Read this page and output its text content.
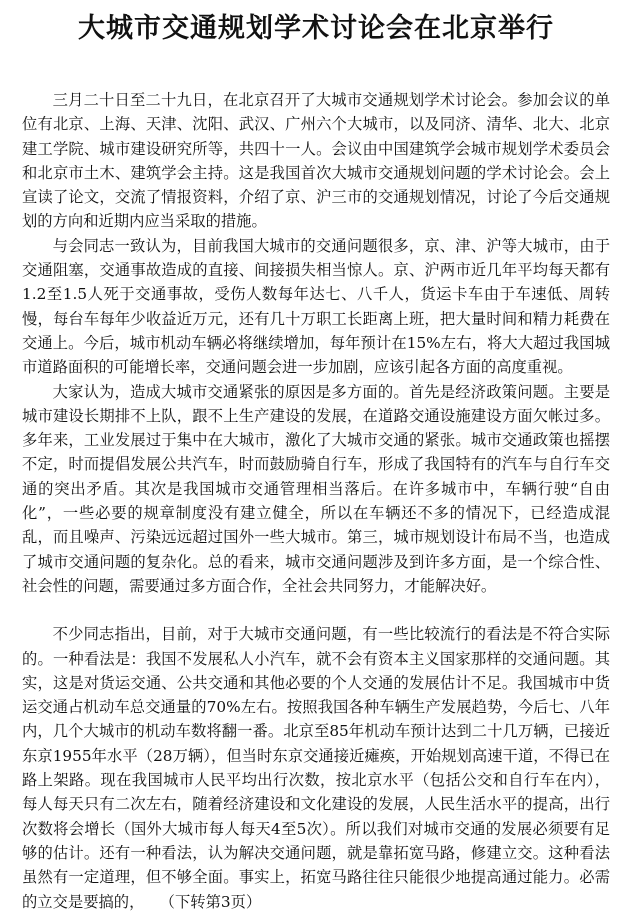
大城市交通规划学术讨论会在北京举行

三月二十日至二十九日，在北京召开了大城市交通规划学术讨论会。参加会议的单位有北京、上海、天津、沈阳、武汉、广州六个大城市，以及同济、清华、北大、北京建工学院、城市建设研究所等，共四十一人。会议由中国建筑学会城市规划学术委员会和北京市土木、建筑学会主持。这是我国首次大城市交通规划问题的学术讨论会。会上宣读了论文，交流了情报资料，介绍了京、沪三市的交通规划情况，讨论了今后交通规划的方向和近期内应当采取的措施。

与会同志一致认为，目前我国大城市的交通问题很多，京、津、沪等大城市，由于交通阻塞，交通事故造成的直接、间接损失相当惊人。京、沪两市近几年平均每天都有1.2至1.5人死于交通事故，受伤人数每年达七、八千人，货运卡车由于车速低、周转慢，每台车每年少收益近万元，还有几十万职工长距离上班，把大量时间和精力耗费在交通上。今后，城市机动车辆必将继续增加，每年预计在15%左右，将大大超过我国城市道路面积的可能增长率，交通问题会进一步加剧，应该引起各方面的高度重视。

大家认为，造成大城市交通紧张的原因是多方面的。首先是经济政策问题。主要是城市建设长期排不上队，跟不上生产建设的发展，在道路交通设施建设方面欠帐过多。多年来，工业发展过于集中在大城市，激化了大城市交通的紧张。城市交通政策也摇摆不定，时而提倡发展公共汽车，时而鼓励骑自行车，形成了我国特有的汽车与自行车交通的突出矛盾。其次是我国城市交通管理相当落后。在许多城市中，车辆行驶“自由化”，一些必要的规章制度没有建立健全，所以在车辆还不多的情况下，已经造成混乱，而且噪声、污染远远超过国外一些大城市。第三，城市规划设计布局不当，也造成了城市交通问题的复杂化。总的看来，城市交通问题涉及到许多方面，是一个综合性、社会性的问题，需要通过多方面合作，全社会共同努力，才能解决好。

不少同志指出，目前，对于大城市交通问题，有一些比较流行的看法是不符合实际的。一种看法是：我国不发展私人小汽车，就不会有资本主义国家那样的交通问题。其实，这是对货运交通、公共交通和其他必要的个人交通的发展估计不足。我国城市中货运交通占机动车总交通量的70%左右。按照我国各种车辆生产发展趋势，今后七、八年内，几个大城市的机动车数将翻一番。北京至85年机动车预计达到二十几万辆，已接近东京1955年水平（28万辆），但当时东京交通接近瘫痪，开始规划高速干道，不得已在路上架路。现在我国城市人民平均出行次数，按北京水平（包括公交和自行车在内），每人每天只有二次左右，随着经济建设和文化建设的发展，人民生活水平的提高，出行次数将会增长（国外大城市每人每天4至5次）。所以我们对城市交通的发展必须要有足够的估计。还有一种看法，认为解决交通问题，就是靠拓宽马路，修建立交。这种看法虽然有一定道理，但不够全面。事实上，拓宽马路往往只能很少地提高通过能力。必需的立交是要搞的， （下转第3页）
